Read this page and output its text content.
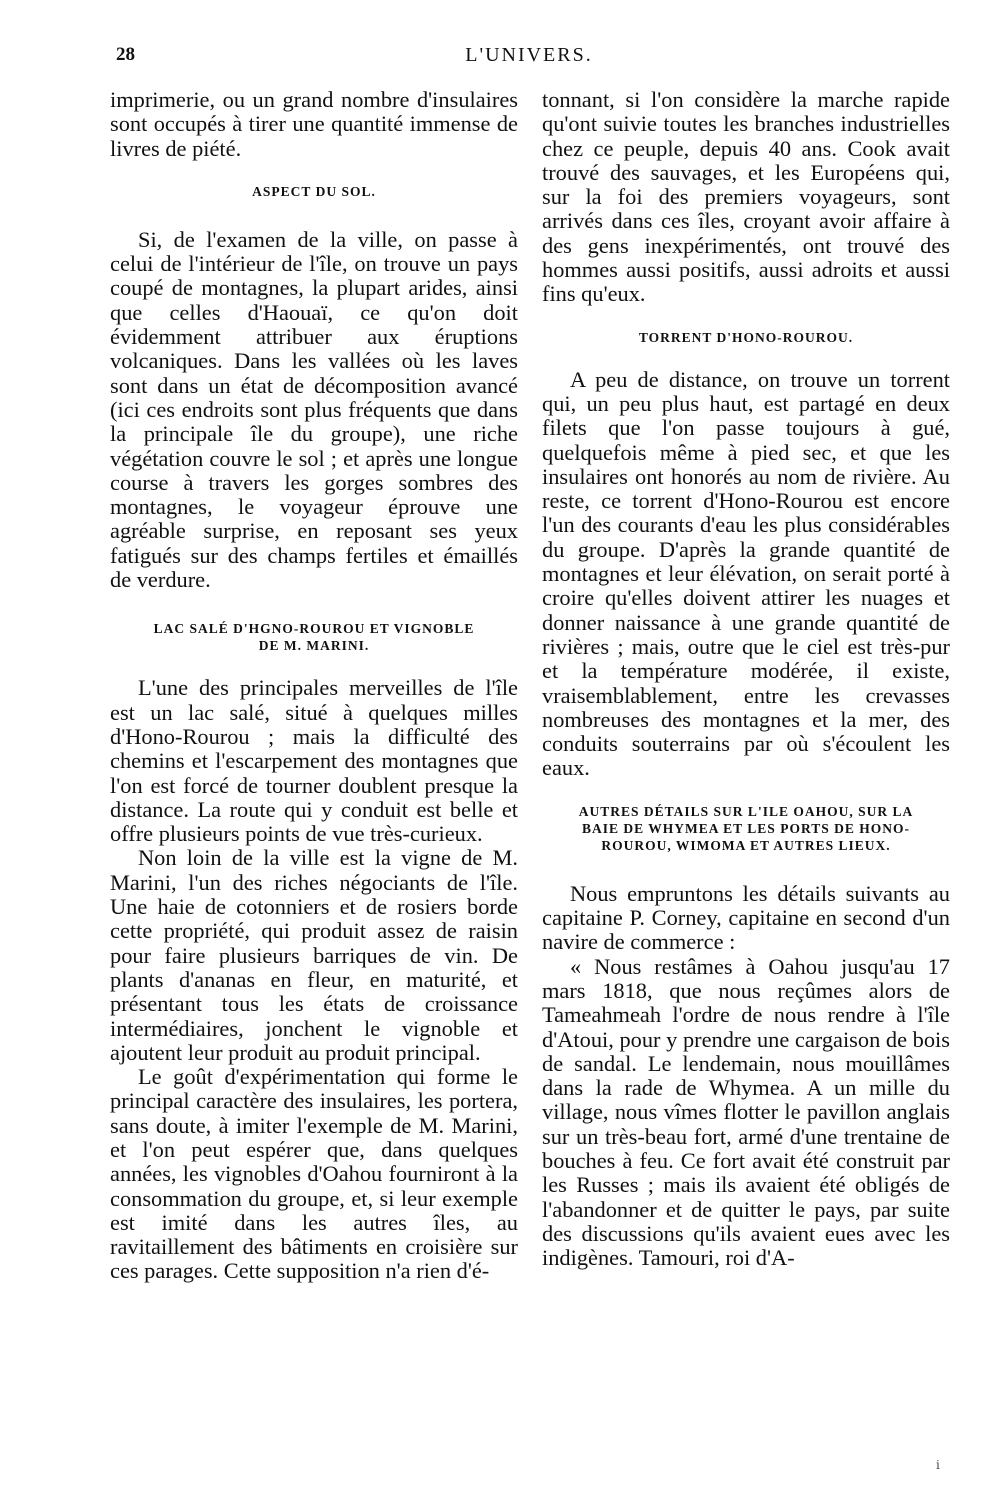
28	L'UNIVERS.

imprimerie, ou un grand nombre d'insulaires sont occupés à tirer une quantité immense de livres de piété.

ASPECT DU SOL.

Si, de l'examen de la ville, on passe à celui de l'intérieur de l'île, on trouve un pays coupé de montagnes, la plupart arides, ainsi que celles d'Haouaï, ce qu'on doit évidemment attribuer aux éruptions volcaniques. Dans les vallées où les laves sont dans un état de décomposition avancé (ici ces endroits sont plus fréquents que dans la principale île du groupe), une riche végétation couvre le sol ; et après une longue course à travers les gorges sombres des montagnes, le voyageur éprouve une agréable surprise, en reposant ses yeux fatigués sur des champs fertiles et émaillés de verdure.

LAC SALÉ D'HGNO-ROUROU ET VIGNOBLE
DE M. MARINI.

L'une des principales merveilles de l'île est un lac salé, situé à quelques milles d'Hono-Rourou ; mais la difficulté des chemins et l'escarpement des montagnes que l'on est forcé de tourner doublent presque la distance. La route qui y conduit est belle et offre plusieurs points de vue très-curieux.

Non loin de la ville est la vigne de M. Marini, l'un des riches négociants de l'île. Une haie de cotonniers et de rosiers borde cette propriété, qui produit assez de raisin pour faire plusieurs barriques de vin. De plants d'ananas en fleur, en maturité, et présentant tous les états de croissance intermédiaires, jonchent le vignoble et ajoutent leur produit au produit principal.

Le goût d'expérimentation qui forme le principal caractère des insulaires, les portera, sans doute, à imiter l'exemple de M. Marini, et l'on peut espérer que, dans quelques années, les vignobles d'Oahou fourniront à la consommation du groupe, et, si leur exemple est imité dans les autres îles, au ravitaillement des bâtiments en croisière sur ces parages. Cette supposition n'a rien d'é-

tonnant, si l'on considère la marche rapide qu'ont suivie toutes les branches industrielles chez ce peuple, depuis 40 ans. Cook avait trouvé des sauvages, et les Européens qui, sur la foi des premiers voyageurs, sont arrivés dans ces îles, croyant avoir affaire à des gens inexpérimentés, ont trouvé des hommes aussi positifs, aussi adroits et aussi fins qu'eux.

TORRENT D'HONO-ROUROU.

A peu de distance, on trouve un torrent qui, un peu plus haut, est partagé en deux filets que l'on passe toujours à gué, quelquefois même à pied sec, et que les insulaires ont honorés au nom de rivière. Au reste, ce torrent d'Hono-Rourou est encore l'un des courants d'eau les plus considérables du groupe. D'après la grande quantité de montagnes et leur élévation, on serait porté à croire qu'elles doivent attirer les nuages et donner naissance à une grande quantité de rivières ; mais, outre que le ciel est très-pur et la température modérée, il existe, vraisemblablement, entre les crevasses nombreuses des montagnes et la mer, des conduits souterrains par où s'écoulent les eaux.

AUTRES DÉTAILS SUR L'ILE OAHOU, SUR LA
BAIE DE WHYMEA ET LES PORTS DE HONO-
ROUROU, WIMOMA ET AUTRES LIEUX.

Nous empruntons les détails suivants au capitaine P. Corney, capitaine en second d'un navire de commerce :

« Nous restâmes à Oahou jusqu'au 17 mars 1818, que nous reçûmes alors de Tameahmeah l'ordre de nous rendre à l'île d'Atoui, pour y prendre une cargaison de bois de sandal. Le lendemain, nous mouillâmes dans la rade de Whymea. A un mille du village, nous vîmes flotter le pavillon anglais sur un très-beau fort, armé d'une trentaine de bouches à feu. Ce fort avait été construit par les Russes ; mais ils avaient été obligés de l'abandonner et de quitter le pays, par suite des discussions qu'ils avaient eues avec les indigènes. Tamouri, roi d'A-

i
